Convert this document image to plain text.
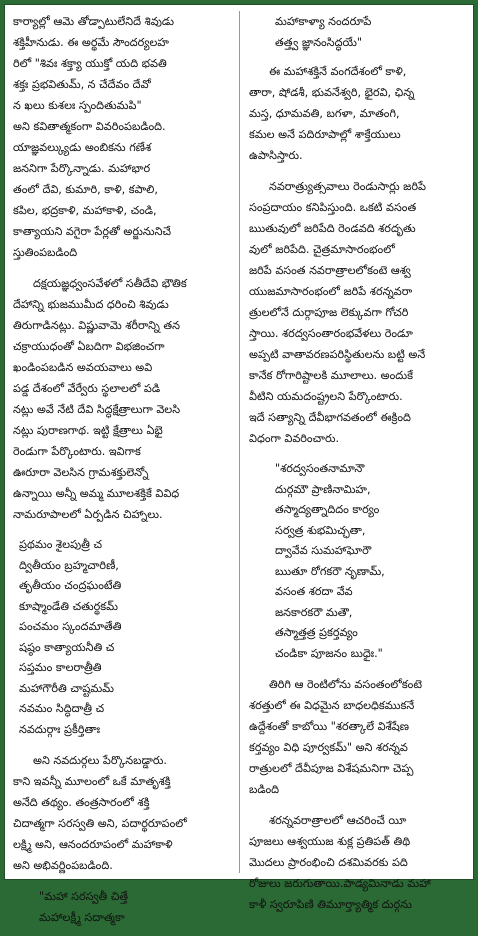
కార్యాల్లో ఆమె తోడ్పాటులేనిదే శివుడు
శక్తిహీనుడు. ఈ అర్థమే సౌందర్యలహ
రిలో "శివః శక్త్యా యుక్తో యది భవతి
శక్తః ప్రభవితుమ్, న చేదేవం దేవో
న ఖలు కుశలః స్పందితుమపి"
అని కవితాత్మకంగా వివరింపబడింది.
యాజ్ఞవల్క్యుడు అంబికను గణేశ
జననిగా పేర్కొన్నాడు. మహాభార
తంలో దేవి, కుమారి, కాళి, కపాలి,
కపిల, భద్రకాళి, మహాకాళి, చండి,
కాత్యాయని వగైరా పేర్లతో అర్జునునిచే
స్తుతింపబడింది
దక్షయజ్ఞధ్వంసవేళలో సతీదేవి భౌతిక
దేహాన్ని భుజముమీద ధరించి శివుడు
తిరుగాడినట్లు. విష్ణువామె శరీరాన్ని తన
చక్రాయుధంతో ఏబదిగా విభజించగా
ఖండింపబడిన అవయవాలు అవి
పడ్డ దేశంలో వేర్వేరు స్థలాలలో పడి
నట్లు అవే నేటి దేవి సిద్ధక్షేత్రాలుగా వెలసి
నట్లు పురాణగాథ. ఇట్టి క్షేత్రాలు ఏభై
రెండుగా పేర్కొంటారు. ఇవిగాక
ఊరూరా వెలసిన గ్రామశక్తులెన్నో
ఉన్నాయి అన్నీ అమ్మ మూలశక్తికే వివిధ
నామరూపాలలో ఏర్పడిన చిహ్నాలు.
ప్రథమం శైలపుత్రీ చ
ద్వితీయం బ్రహ్మచారిణీ,
తృతీయం చంద్రఘంటేతి
కూష్మాండేతి చతుర్థకమ్
పంచమం స్కందమాతేతి
షష్ఠం కాత్యాయనీతి చ
సప్తమం కాలరాత్రీతి
మహాగౌరీతి చాష్టమమ్
నవమం సిద్ధిదాత్రీ చ
నవదుర్గాః ప్రకీర్తితాః
అని నవదుర్గలు పేర్కొనబడ్డారు.
కాని ఇవన్నీ మూలంలో ఒకే మాతృశక్తి
అనేది తథ్యం. తంత్రసారంలో శక్తి
చిదాత్మగా సరస్వతి అని, పదార్థరూపంలో
లక్ష్మి అని, ఆనందరూపంలో మహాకాళి
అని అభివర్ణింపబడింది.
"మహా సరస్వతీ చిత్తే
మహాలక్ష్మీ సదాత్మకా
మహాకాళ్యా నందరూపే
తత్త్వ జ్ఞానంసిద్ధయే"
ఈ మహాశక్తినే వంగదేశంలో కాళి,
తారా, షోడశీ, భువనేశ్వరి, భైరవి, ఛిన్న
మస్త, ధూమవతి, బగళా, మాతంగి,
కమల అనే పదిరూపాల్లో శాక్తేయులు
ఉపాసిస్తారు.
నవరాత్ర్యుత్సవాలు రెండుసార్లు జరిపే
సంప్రదాయం కనిపిస్తుంది. ఒకటి వసంత
ఋతువులో జరిపేది రెండవది శరదృతు
వులో జరిపేది. చైత్రమాసారంభంలో
జరిపే వసంత నవరాత్రాలలోకంటె ఆశ్వ
యుజమాసారంభంలో జరిపే శరన్నవరా
త్రులలోనే దుర్గాపూజ లెక్కువగా గోచరి
స్తాయి. శరద్వసంతారంభవేళలు రెండూ
అప్పటి వాతావరణపరిస్థితులను బట్టి అనే
కానేక రోగారిష్టాలకి మూలాలు. అందుకే
వీటిని యమదంష్ట్రలని పేర్కొంటారు.
ఇదే సత్యాన్ని దేవీభాగవతంలో ఈక్రింది
విధంగా వివరించారు.
"శరద్వసంతనామానౌ
దుర్గమౌ ప్రాణినామిహ,
తస్మాద్యత్నాదిదం కార్యం
సర్వత్ర శుభమిచ్ఛతా,
ద్వావేవ సుమహాఘోరౌ
ఋతూ రోగకరౌ నృణామ్,
వసంత శరదా వేవ
జనకారకరౌ మతౌ,
తస్మాత్తత్ర ప్రకర్తవ్యం
చండికా పూజనం బుధైః."
తిరిగి ఆ రెంటిలోను వసంతంలోకంటె
శరత్తులో ఈ విధమైన బాధలధికముకనే
ఉద్దేశంతో కాబోయి "శరత్కాలే విశేషేణ
కర్తవ్యం విధి పూర్వకమ్" అని శరన్నవ
రాత్రులలో దేవీపూజ విశేషమనిగా చెప్ప
బడింది
శరన్నవరాత్రాలలో ఆచరించే యీ
పూజలు ఆశ్వయుజ శుక్ల ప్రతిపత్ తిథి
మొదలు ప్రారంభించి దశమివరకు పది
రోజులు జరుగుతాయి.పాడ్యమినాడు మహా
కాళీ స్వరూపిణి తిమూర్త్యాత్మిక దుర్గను
